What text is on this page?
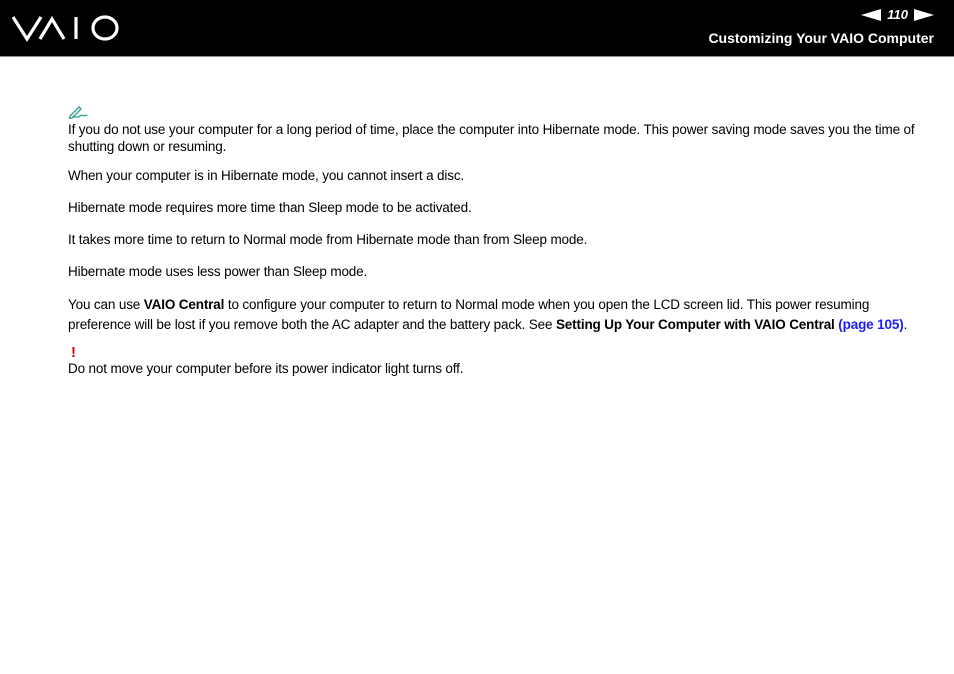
110
Customizing Your VAIO Computer

If you do not use your computer for a long period of time, place the computer into Hibernate mode. This power saving mode saves you the time of shutting down or resuming.

When your computer is in Hibernate mode, you cannot insert a disc.

Hibernate mode requires more time than Sleep mode to be activated.

It takes more time to return to Normal mode from Hibernate mode than from Sleep mode.

Hibernate mode uses less power than Sleep mode.

You can use VAIO Central to configure your computer to return to Normal mode when you open the LCD screen lid. This power resuming preference will be lost if you remove both the AC adapter and the battery pack. See Setting Up Your Computer with VAIO Central (page 105).

!

Do not move your computer before its power indicator light turns off.
